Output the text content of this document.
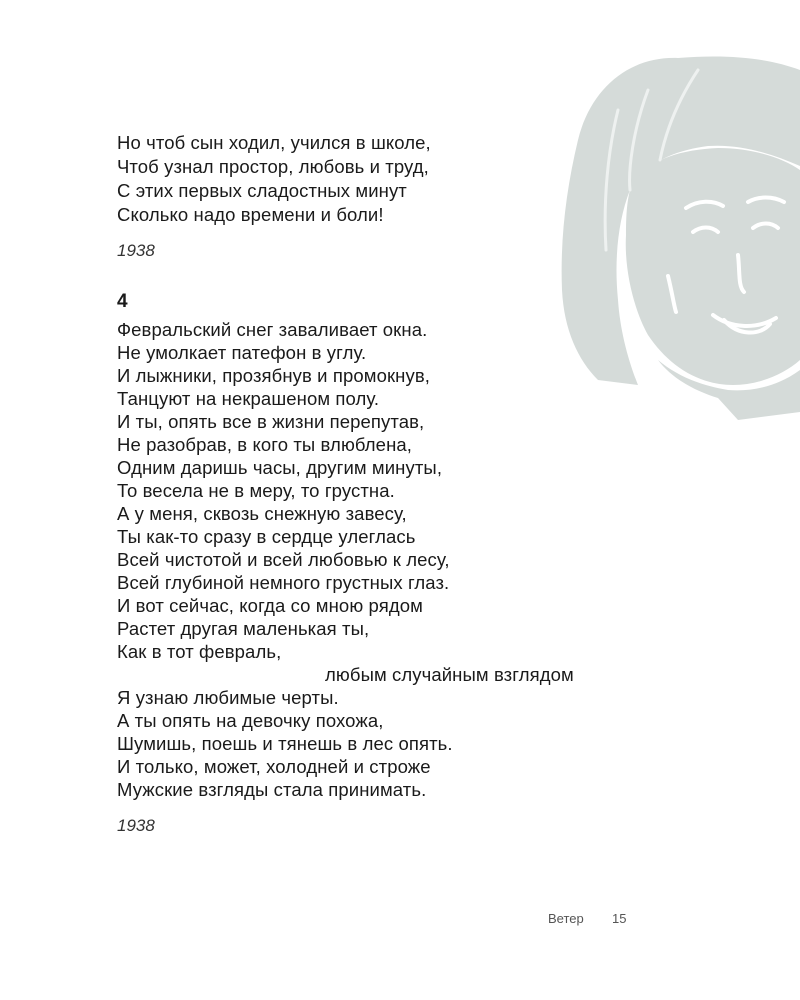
Но чтоб сын ходил, учился в школе,
Чтоб узнал простор, любовь и труд,
С этих первых сладостных минут
Сколько надо времени и боли!
1938
4
Февральский снег заваливает окна.
Не умолкает патефон в углу.
И лыжники, прозябнув и промокнув,
Танцуют на некрашеном полу.
И ты, опять все в жизни перепутав,
Не разобрав, в кого ты влюблена,
Одним даришь часы, другим минуты,
То весела не в меру, то грустна.
А у меня, сквозь снежную завесу,
Ты как-то сразу в сердце улеглась
Всей чистотой и всей любовью к лесу,
Всей глубиной немного грустных глаз.
И вот сейчас, когда со мною рядом
Растет другая маленькая ты,
Как в тот февраль,
любым случайным взглядом
Я узнаю любимые черты.
А ты опять на девочку похожа,
Шумишь, поешь и тянешь в лес опять.
И только, может, холодней и строже
Мужские взгляды стала принимать.
1938
Ветер 15
